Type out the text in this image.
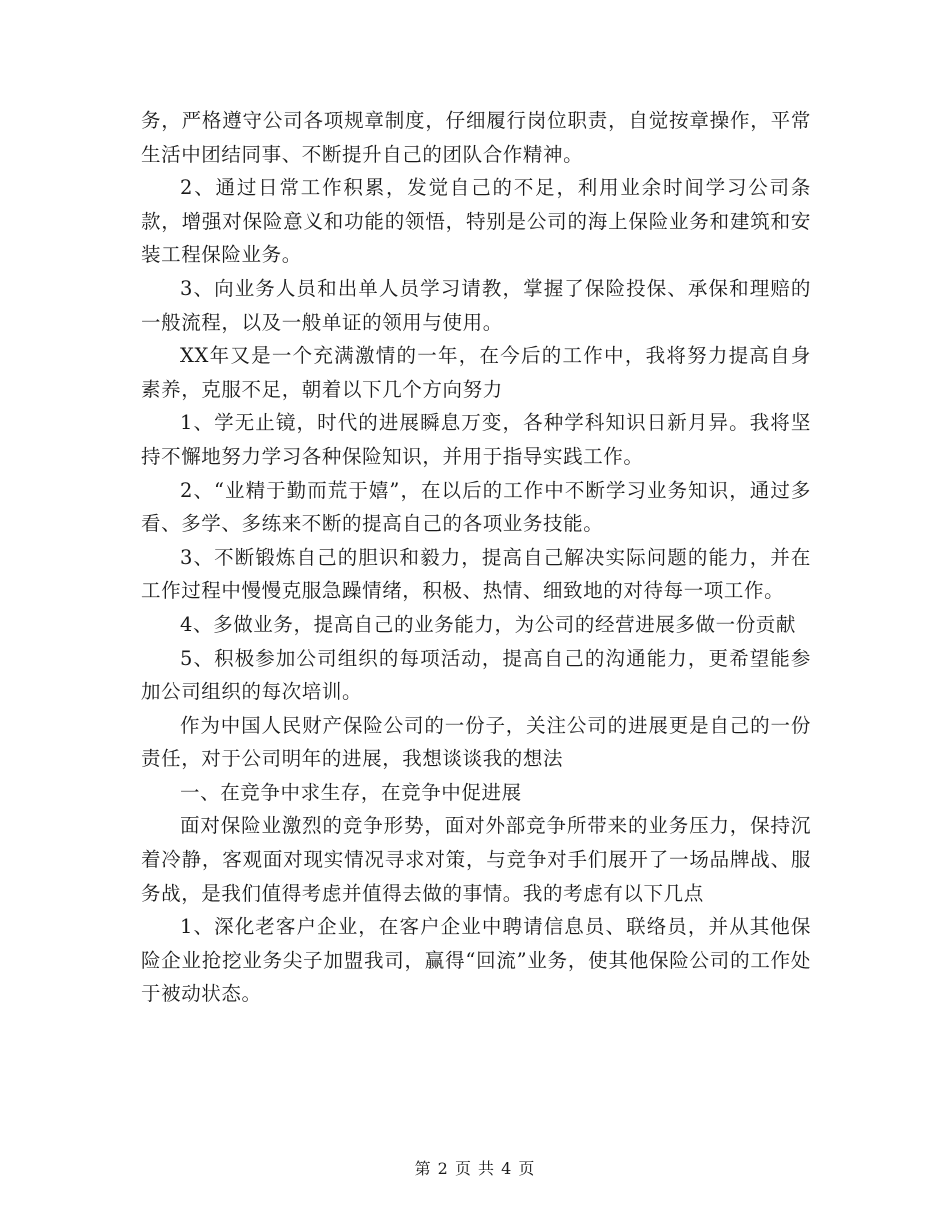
务，严格遵守公司各项规章制度，仔细履行岗位职责，自觉按章操作，平常生活中团结同事、不断提升自己的团队合作精神。

2、通过日常工作积累，发觉自己的不足，利用业余时间学习公司条款，增强对保险意义和功能的领悟，特别是公司的海上保险业务和建筑和安装工程保险业务。

3、向业务人员和出单人员学习请教，掌握了保险投保、承保和理赔的一般流程，以及一般单证的领用与使用。

XX年又是一个充满激情的一年，在今后的工作中，我将努力提高自身素养，克服不足，朝着以下几个方向努力

1、学无止镜，时代的进展瞬息万变，各种学科知识日新月异。我将坚持不懈地努力学习各种保险知识，并用于指导实践工作。

2、“业精于勤而荒于嬉”，在以后的工作中不断学习业务知识，通过多看、多学、多练来不断的提高自己的各项业务技能。

3、不断锻炼自己的胆识和毅力，提高自己解决实际问题的能力，并在工作过程中慢慢克服急躁情绪，积极、热情、细致地的对待每一项工作。

4、多做业务，提高自己的业务能力，为公司的经营进展多做一份贡献

5、积极参加公司组织的每项活动，提高自己的沟通能力，更希望能参加公司组织的每次培训。

作为中国人民财产保险公司的一份子，关注公司的进展更是自己的一份责任，对于公司明年的进展，我想谈谈我的想法

一、在竞争中求生存，在竞争中促进展

面对保险业激烈的竞争形势，面对外部竞争所带来的业务压力，保持沉着冷静，客观面对现实情况寻求对策，与竞争对手们展开了一场品牌战、服务战，是我们值得考虑并值得去做的事情。我的考虑有以下几点

1、深化老客户企业，在客户企业中聘请信息员、联络员，并从其他保险企业抢挖业务尖子加盟我司，赢得“回流”业务，使其他保险公司的工作处于被动状态。

第 2 页 共 4 页
